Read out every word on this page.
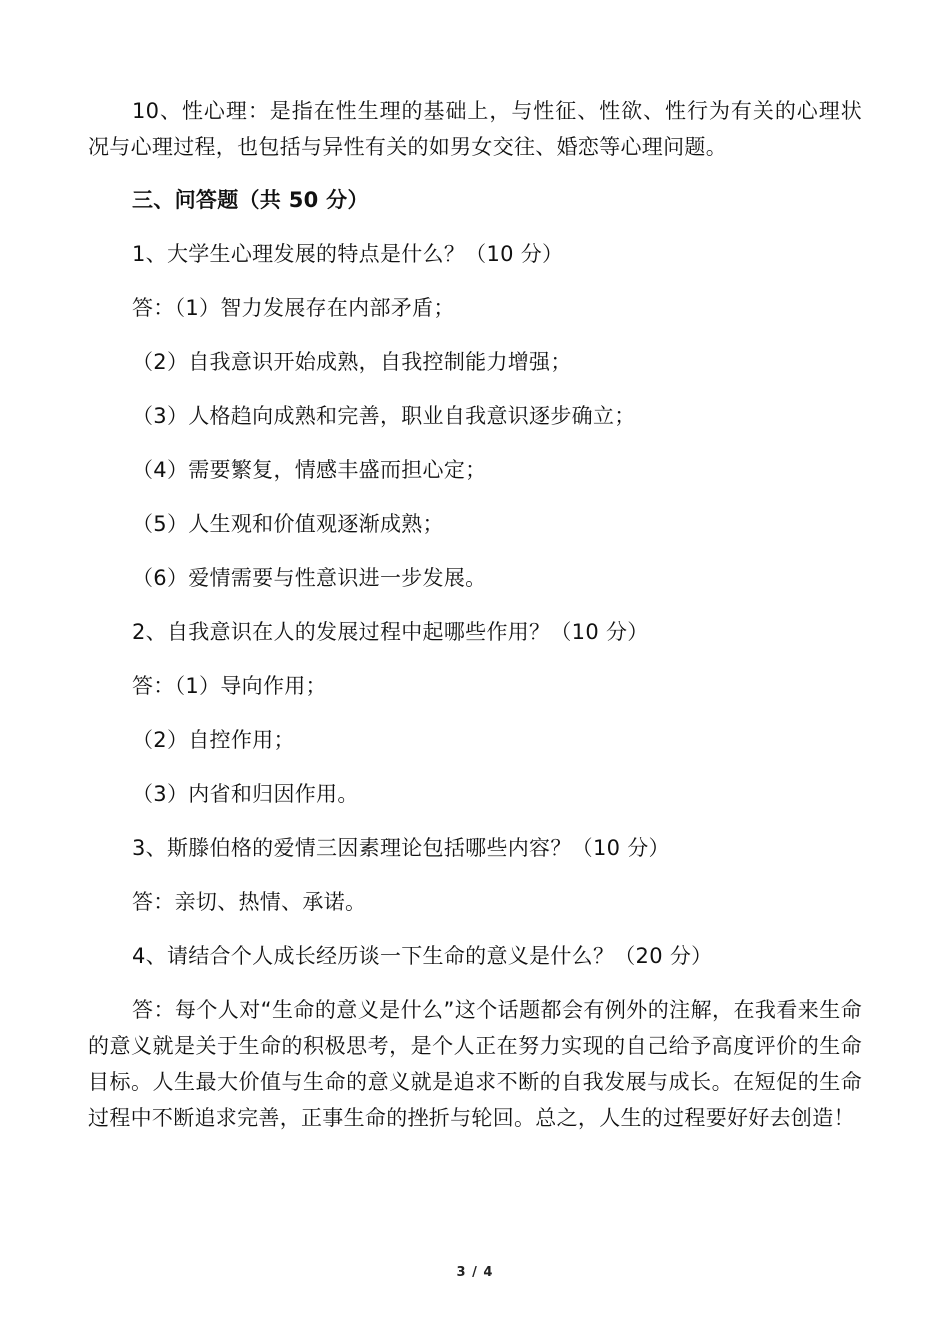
10、性心理：是指在性生理的基础上，与性征、性欲、性行为有关的心理状况与心理过程，也包括与异性有关的如男女交往、婚恋等心理问题。

三、问答题（共 50 分）

1、大学生心理发展的特点是什么？（10 分）

答：（1）智力发展存在内部矛盾；

（2）自我意识开始成熟，自我控制能力增强；

（3）人格趋向成熟和完善，职业自我意识逐步确立；

（4）需要繁复，情感丰盛而担心定；

（5）人生观和价值观逐渐成熟；

（6）爱情需要与性意识进一步发展。

2、自我意识在人的发展过程中起哪些作用？（10 分）

答：（1）导向作用；

（2）自控作用；

（3）内省和归因作用。

3、斯滕伯格的爱情三因素理论包括哪些内容？（10 分）

答：亲切、热情、承诺。

4、请结合个人成长经历谈一下生命的意义是什么？（20 分）

答：每个人对“生命的意义是什么”这个话题都会有例外的注解，在我看来生命的意义就是关于生命的积极思考，是个人正在努力实现的自己给予高度评价的生命目标。人生最大价值与生命的意义就是追求不断的自我发展与成长。在短促的生命过程中不断追求完善，正事生命的挫折与轮回。总之，人生的过程要好好去创造！

3 / 4
